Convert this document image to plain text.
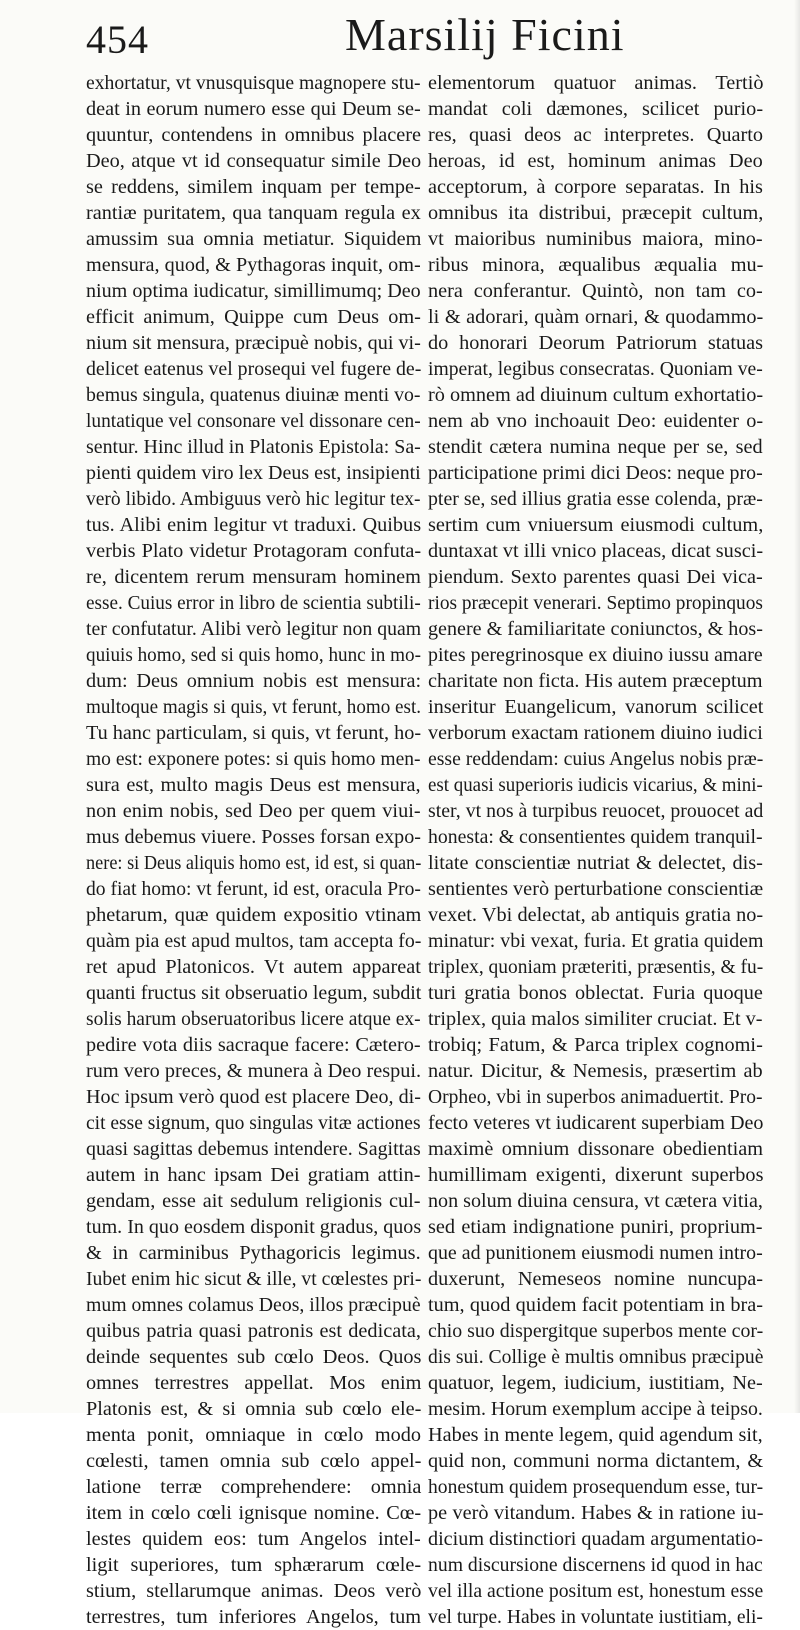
454	Marsilij Ficini
exhortatur, vt vnusquisque magnopere stu-
deat in eorum numero esse qui Deum se-
quuntur, contendens in omnibus placere
Deo, atque vt id consequatur simile Deo
se reddens, similem inquam per tempe-
rantiæ puritatem, qua tanquam regula ex
amussim sua omnia metiatur. Siquidem
mensura, quod, & Pythagoras inquit, om-
nium optima iudicatur, simillimumq; Deo
efficit animum, Quippe cum Deus om-
nium sit mensura, præcipuè nobis, qui vi-
delicet eatenus vel prosequi vel fugere de-
bemus singula, quatenus diuinæ menti vo-
luntatique vel consonare vel dissonare cen-
sentur. Hinc illud in Platonis Epistola: Sa-
pienti quidem viro lex Deus est, insipienti
verò libido. Ambiguus verò hic legitur tex-
tus. Alibi enim legitur vt traduxi. Quibus
verbis Plato videtur Protagoram confuta-
re, dicentem rerum mensuram hominem
esse. Cuius error in libro de scientia subtili-
ter confutatur. Alibi verò legitur non quam
quiuis homo, sed si quis homo, hunc in mo-
dum: Deus omnium nobis est mensura:
multoque magis si quis, vt ferunt, homo est.
Tu hanc particulam, si quis, vt ferunt, ho-
mo est: exponere potes: si quis homo men-
sura est, multo magis Deus est mensura,
non enim nobis, sed Deo per quem viui-
mus debemus viuere. Posses forsan expo-
nere: si Deus aliquis homo est, id est, si quan-
do fiat homo: vt ferunt, id est, oracula Pro-
phetarum, quæ quidem expositio vtinam
quàm pia est apud multos, tam accepta fo-
ret apud Platonicos. Vt autem appareat
quanti fructus sit obseruatio legum, subdit
solis harum obseruatoribus licere atque ex-
pedire vota diis sacraque facere: Cætero-
rum vero preces, & munera à Deo respui.
Hoc ipsum verò quod est placere Deo, di-
cit esse signum, quo singulas vitæ actiones
quasi sagittas debemus intendere. Sagittas
autem in hanc ipsam Dei gratiam attin-
gendam, esse ait sedulum religionis cul-
tum. In quo eosdem disponit gradus, quos
& in carminibus Pythagoricis legimus.
Iubet enim hic sicut & ille, vt cœlestes pri-
mum omnes colamus Deos, illos præcipuè
quibus patria quasi patronis est dedicata,
deinde sequentes sub cœlo Deos. Quos
omnes terrestres appellat. Mos enim
Platonis est, & si omnia sub cœlo ele-
menta ponit, omniaque in cœlo modo
cœlesti, tamen omnia sub cœlo appel-
latione terræ comprehendere: omnia
item in cœlo cœli ignisque nomine. Cœ-
lestes quidem eos: tum Angelos intel-
ligit superiores, tum sphærarum cœle-
stium, stellarumque animas. Deos verò
terrestres, tum inferiores Angelos, tum
elementorum quatuor animas. Tertiò
mandat coli dæmones, scilicet puriо-
res, quasi deos ac interpretes. Quarto
heroas, id est, hominum animas Deo
acceptorum, à corpore separatas. In his
omnibus ita distribui, præcepit cultum,
vt maioribus numinibus maiora, mino-
ribus minora, æqualibus æqualia mu-
nera conferantur. Quintò, non tam co-
li & adorari, quàm ornari, & quodammo-
do honorari Deorum Patriorum statuas
imperat, legibus consecratas. Quoniam ve-
rò omnem ad diuinum cultum exhortatio-
nem ab vno inchoauit Deo: euidenter o-
stendit cætera numina neque per se, sed
participatione primi dici Deos: neque pro-
pter se, sed illius gratia esse colenda, præ-
sertim cum vniuersum eiusmodi cultum,
duntaxat vt illi vnico placeas, dicat susci-
piendum. Sexto parentes quasi Dei vica-
rios præcepit venerari. Septimo propinquos
genere & familiaritate coniunctos, & hos-
pites peregrinosque ex diuino iussu amare
charitate non ficta. His autem præceptum
inseritur Euangelicum, vanorum scilicet
verborum exactam rationem diuino iudici
esse reddendam: cuius Angelus nobis præ-
est quasi superioris iudicis vicarius, & mini-
ster, vt nos à turpibus reuocet, prouocet ad
honesta: & consentientes quidem tranquil-
litate conscientiæ nutriat & delectet, dis-
sentientes verò perturbatione conscientiæ
vexet. Vbi delectat, ab antiquis gratia no-
minatur: vbi vexat, furia. Et gratia quidem
triplex, quoniam præteriti, præsentis, & fu-
turi gratia bonos oblectat. Furia quoque
triplex, quia malos similiter cruciat. Et v-
trobiq; Fatum, & Parca triplex cognomi-
natur. Dicitur, & Nemesis, præsertim ab
Orpheo, vbi in superbos animaduertit. Pro-
fecto veteres vt iudicarent superbiam Deo
maximè omnium dissonare obedientiam
humillimam exigenti, dixerunt superbos
non solum diuina censura, vt cætera vitia,
sed etiam indignatione puniri, proprium-
que ad punitionem eiusmodi numen intro-
duxerunt, Nemeseos nomine nuncupa-
tum, quod quidem facit potentiam in bra-
chio suo dispergitque superbos mente cor-
dis sui. Collige è multis omnibus præcipuè
quatuor, legem, iudicium, iustitiam, Ne-
mesim. Horum exemplum accipe à teipso.
Habes in mente legem, quid agendum sit,
quid non, communi norma dictantem, &
honestum quidem prosequendum esse, tur-
pe verò vitandum. Habes & in ratione iu-
dicium distinctiori quadam argumentatio-
num discursione discernens id quod in hac
vel illa actione positum est, honestum esse
vel turpe. Habes in voluntate iustitiam, eli-
